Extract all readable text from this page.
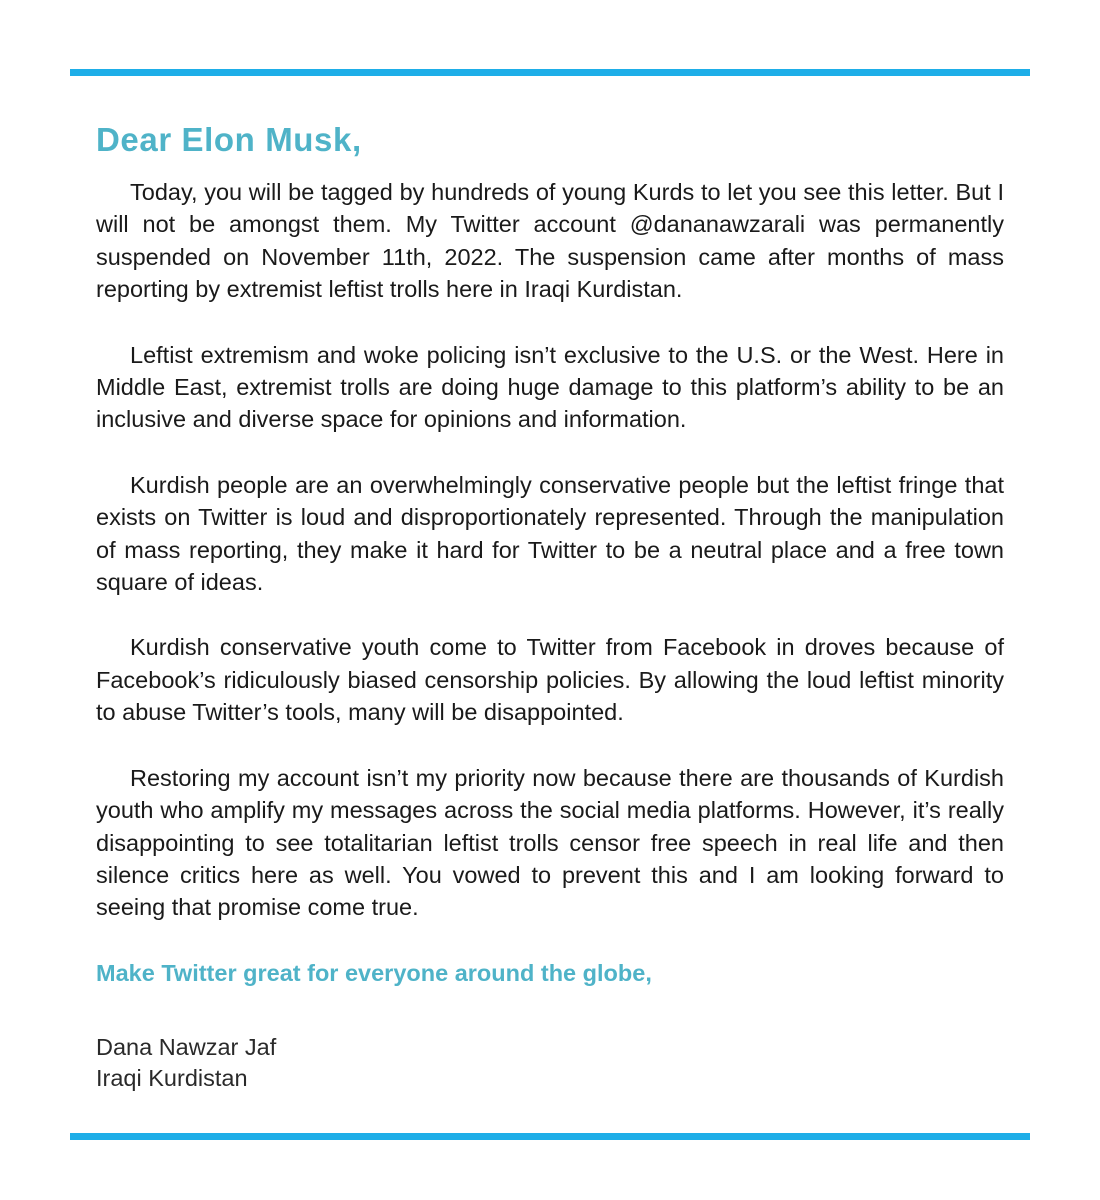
Dear Elon Musk,

Today, you will be tagged by hundreds of young Kurds to let you see this letter. But I will not be amongst them. My Twitter account @dananawzarali was permanently suspended on November 11th, 2022. The suspension came after months of mass reporting by extremist leftist trolls here in Iraqi Kurdistan.

Leftist extremism and woke policing isn’t exclusive to the U.S. or the West. Here in Middle East, extremist trolls are doing huge damage to this platform’s ability to be an inclusive and diverse space for opinions and information.

Kurdish people are an overwhelmingly conservative people but the leftist fringe that exists on Twitter is loud and disproportionately represented. Through the manipulation of mass reporting, they make it hard for Twitter to be a neutral place and a free town square of ideas.

Kurdish conservative youth come to Twitter from Facebook in droves because of Facebook’s ridiculously biased censorship policies. By allowing the loud leftist minority to abuse Twitter’s tools, many will be disappointed.

Restoring my account isn’t my priority now because there are thousands of Kurdish youth who amplify my messages across the social media platforms. However, it’s really disappointing to see totalitarian leftist trolls censor free speech in real life and then silence critics here as well. You vowed to prevent this and I am looking forward to seeing that promise come true.

Make Twitter great for everyone around the globe,

Dana Nawzar Jaf
Iraqi Kurdistan
